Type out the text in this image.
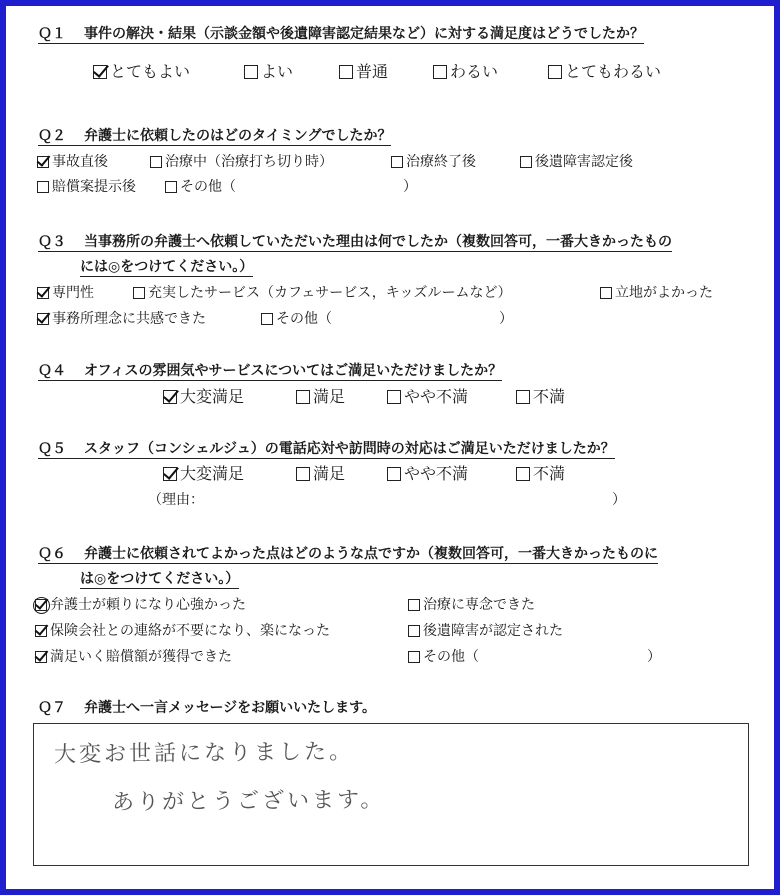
Ｑ１ 事件の解決・結果（示談金額や後遺障害認定結果など）に対する満足度はどうでしたか？
とてもよい	よい	普通	わるい	とてもわるい
Ｑ２ 弁護士に依頼したのはどのタイミングでしたか？
事故直後	治療中（治療打ち切り時）	治療終了後	後遺障害認定後
賠償案提示後	その他（	）
Ｑ３ 当事務所の弁護士へ依頼していただいた理由は何でしたか（複数回答可，一番大きかったもの
には◎をつけてください。）
専門性	充実したサービス（カフェサービス，キッズルームなど）	立地がよかった
事務所理念に共感できた	その他（	）
Ｑ４ オフィスの雰囲気やサービスについてはご満足いただけましたか？
大変満足	満足	やや不満	不満
Ｑ５ スタッフ（コンシェルジュ）の電話応対や訪問時の対応はご満足いただけましたか？
大変満足	満足	やや不満	不満
（理由：	）
Ｑ６ 弁護士に依頼されてよかった点はどのような点ですか（複数回答可，一番大きかったものに
は◎をつけてください。）
弁護士が頼りになり心強かった	治療に専念できた
保険会社との連絡が不要になり、楽になった	後遺障害が認定された
満足いく賠償額が獲得できた	その他（	）
Ｑ７ 弁護士へ一言メッセージをお願いいたします。
大変お世話になりました。
ありがとうございます。
